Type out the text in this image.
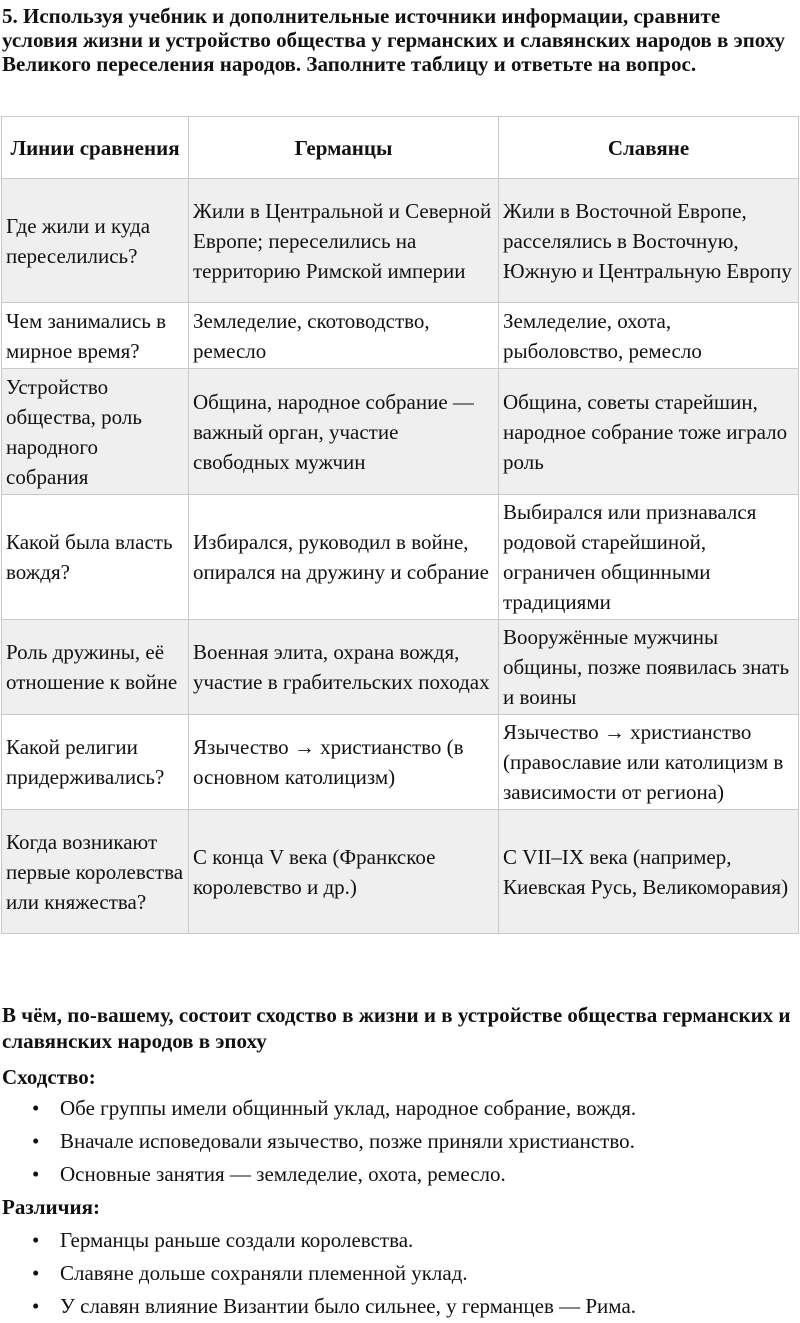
5. Используя учебник и дополнительные источники информации, сравните условия жизни и устройство общества у германских и славянских народов в эпоху Великого переселения народов. Заполните таблицу и ответьте на вопрос.

Линии сравнения	Германцы	Славяне
Где жили и куда переселились?	Жили в Центральной и Северной Европе; переселились на территорию Римской империи	Жили в Восточной Европе, расселялись в Восточную, Южную и Центральную Европу
Чем занимались в мирное время?	Земледелие, скотоводство, ремесло	Земледелие, охота, рыболовство, ремесло
Устройство общества, роль народного собрания	Община, народное собрание — важный орган, участие свободных мужчин	Община, советы старейшин, народное собрание тоже играло роль
Какой была власть вождя?	Избирался, руководил в войне, опирался на дружину и собрание	Выбирался или признавался родовой старейшиной, ограничен общинными традициями
Роль дружины, её отношение к войне	Военная элита, охрана вождя, участие в грабительских походах	Вооружённые мужчины общины, позже появилась знать и воины
Какой религии придерживались?	Язычество → христианство (в основном католицизм)	Язычество → христианство (православие или католицизм в зависимости от региона)
Когда возникают первые королевства или княжества?	С конца V века (Франкское королевство и др.)	С VII–IX века (например, Киевская Русь, Великоморавия)

В чём, по-вашему, состоит сходство в жизни и в устройстве общества германских и славянских народов в эпоху

Сходство:
• Обе группы имели общинный уклад, народное собрание, вождя.
• Вначале исповедовали язычество, позже приняли христианство.
• Основные занятия — земледелие, охота, ремесло.
Различия:
• Германцы раньше создали королевства.
• Славяне дольше сохраняли племенной уклад.
• У славян влияние Византии было сильнее, у германцев — Рима.
